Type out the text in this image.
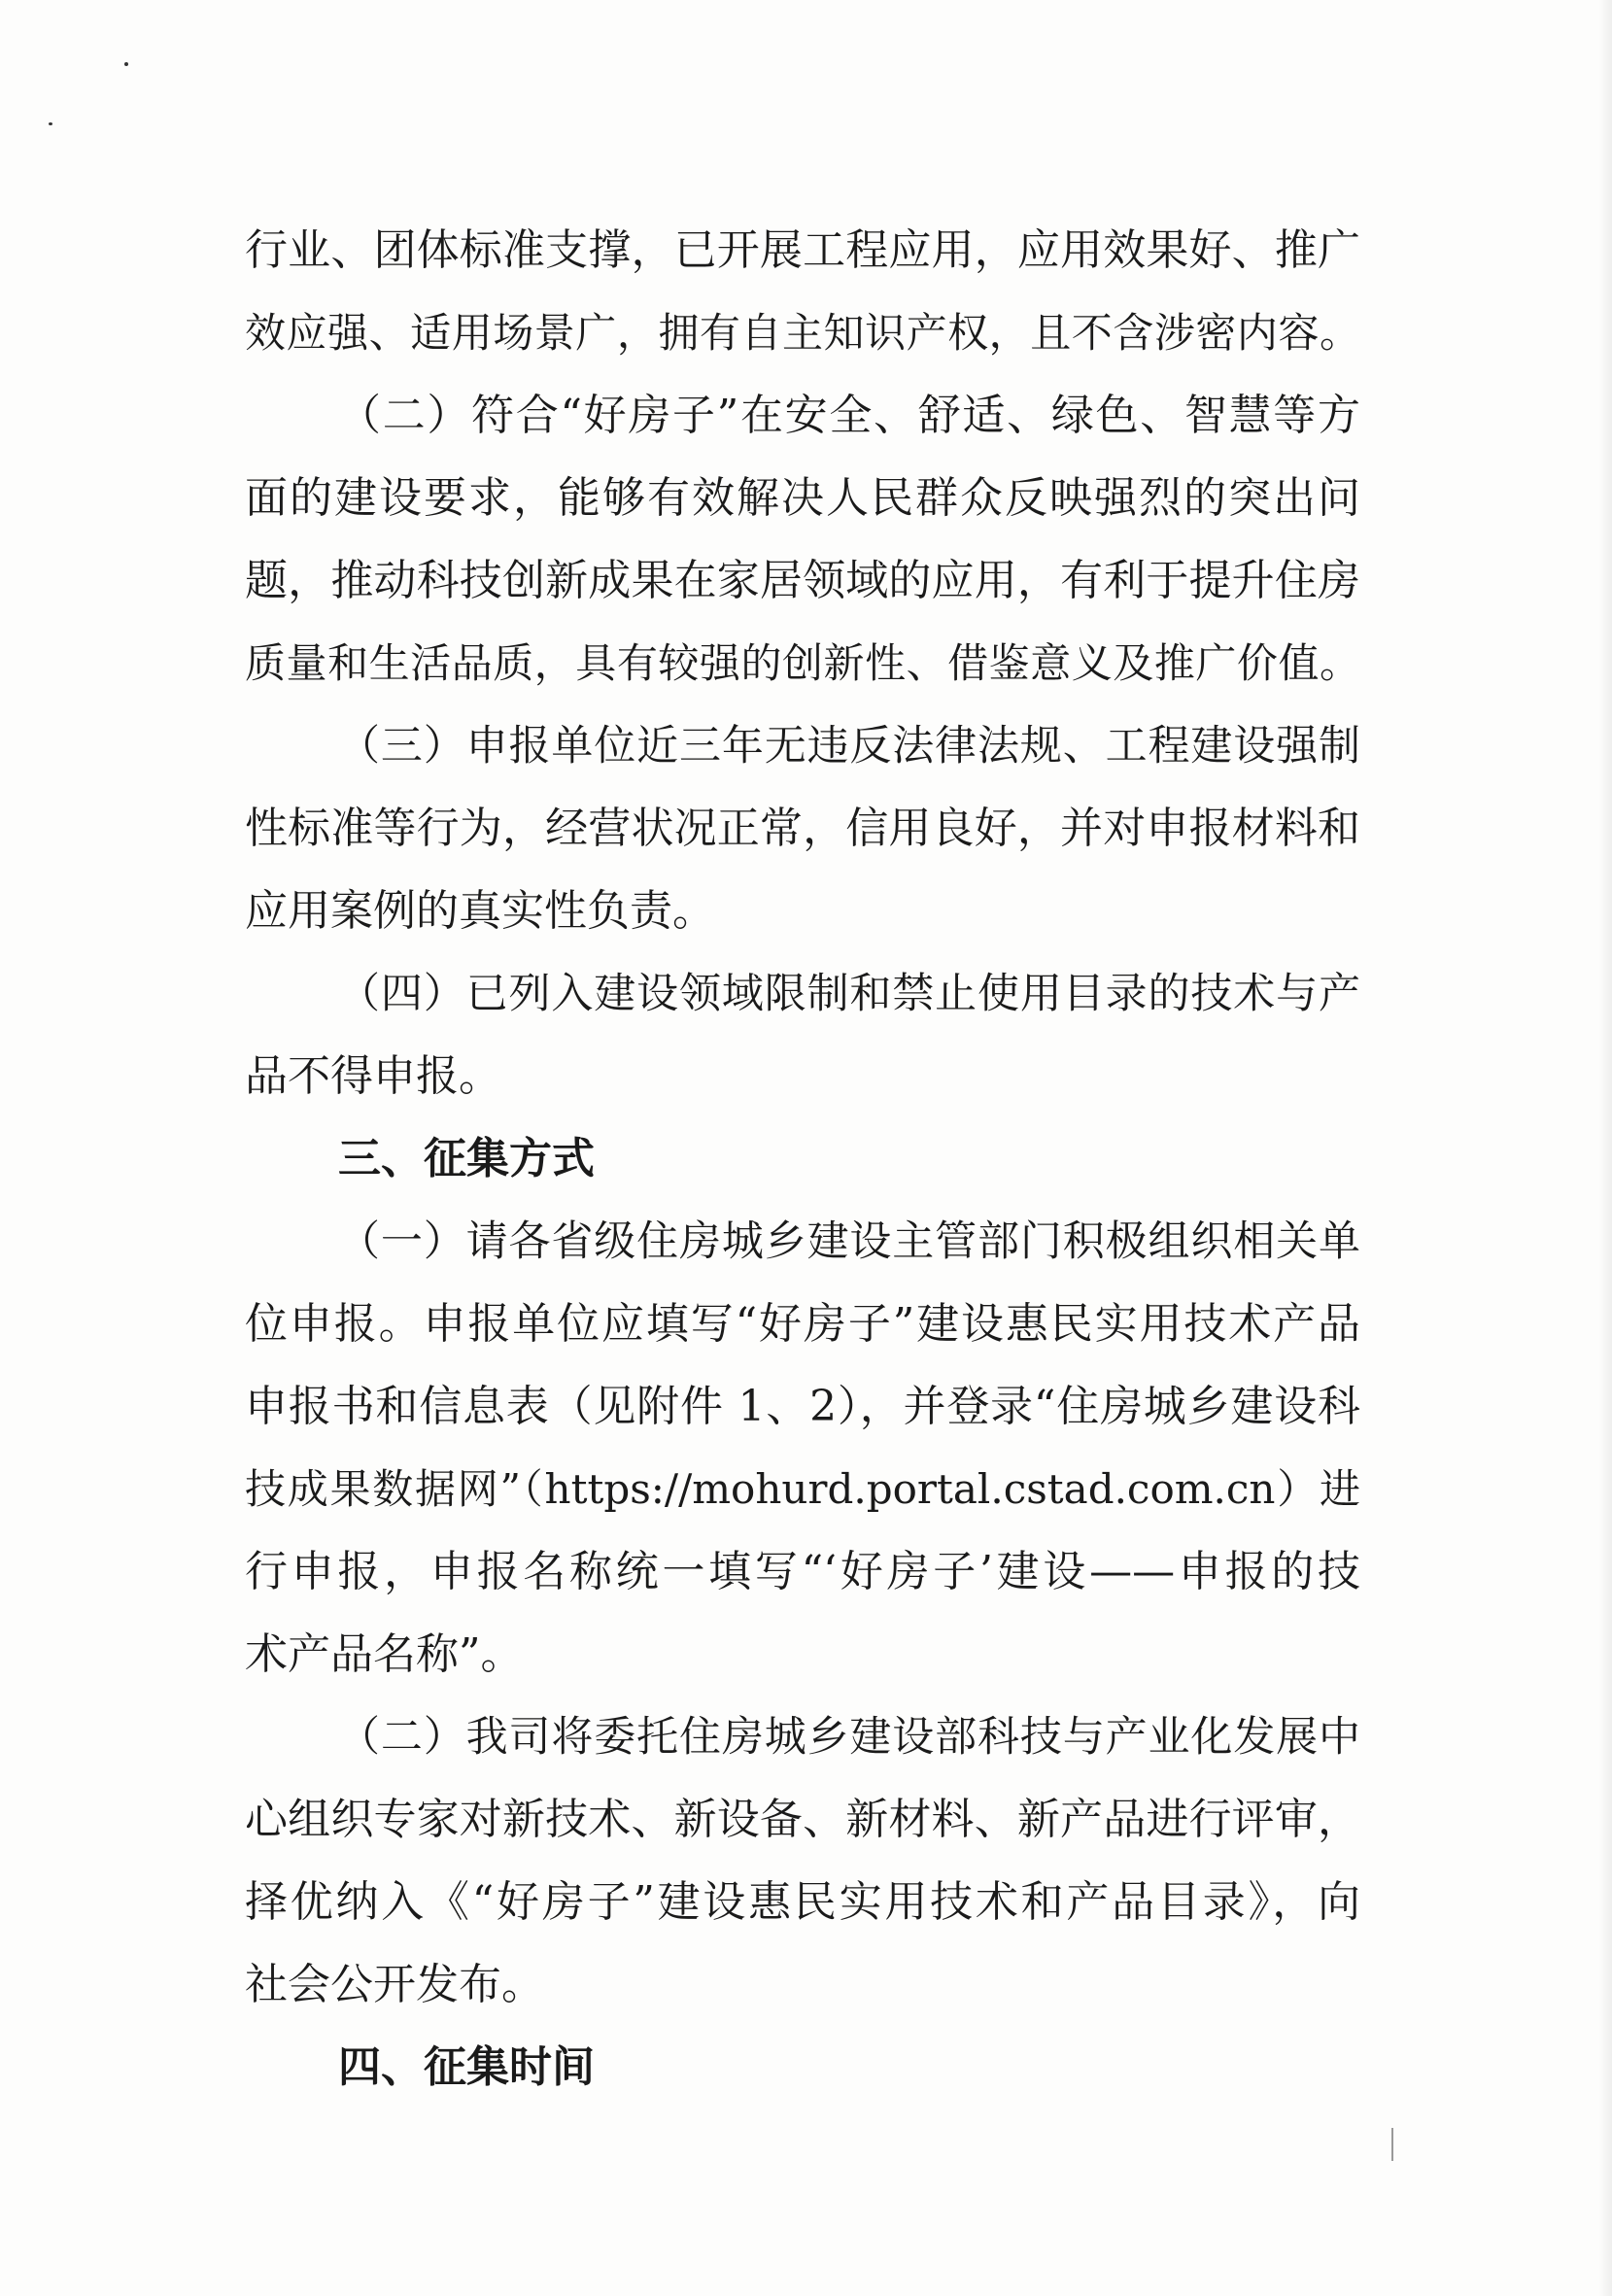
行业、团体标准支撑，已开展工程应用，应用效果好、推广
效应强、适用场景广，拥有自主知识产权，且不含涉密内容。
（二）符合“好房子”在安全、舒适、绿色、智慧等方
面的建设要求，能够有效解决人民群众反映强烈的突出问
题，推动科技创新成果在家居领域的应用，有利于提升住房
质量和生活品质，具有较强的创新性、借鉴意义及推广价值。
（三）申报单位近三年无违反法律法规、工程建设强制
性标准等行为，经营状况正常，信用良好，并对申报材料和
应用案例的真实性负责。
（四）已列入建设领域限制和禁止使用目录的技术与产
品不得申报。
三、征集方式
（一）请各省级住房城乡建设主管部门积极组织相关单
位申报。申报单位应填写“好房子”建设惠民实用技术产品
申报书和信息表（见附件 1、2），并登录“住房城乡建设科
技成果数据网”（https://mohurd.portal.cstad.com.cn）进
行申报，申报名称统一填写“‘好房子’建设——申报的技
术产品名称”。
（二）我司将委托住房城乡建设部科技与产业化发展中
心组织专家对新技术、新设备、新材料、新产品进行评审，
择优纳入《“好房子”建设惠民实用技术和产品目录》，向
社会公开发布。
四、征集时间
